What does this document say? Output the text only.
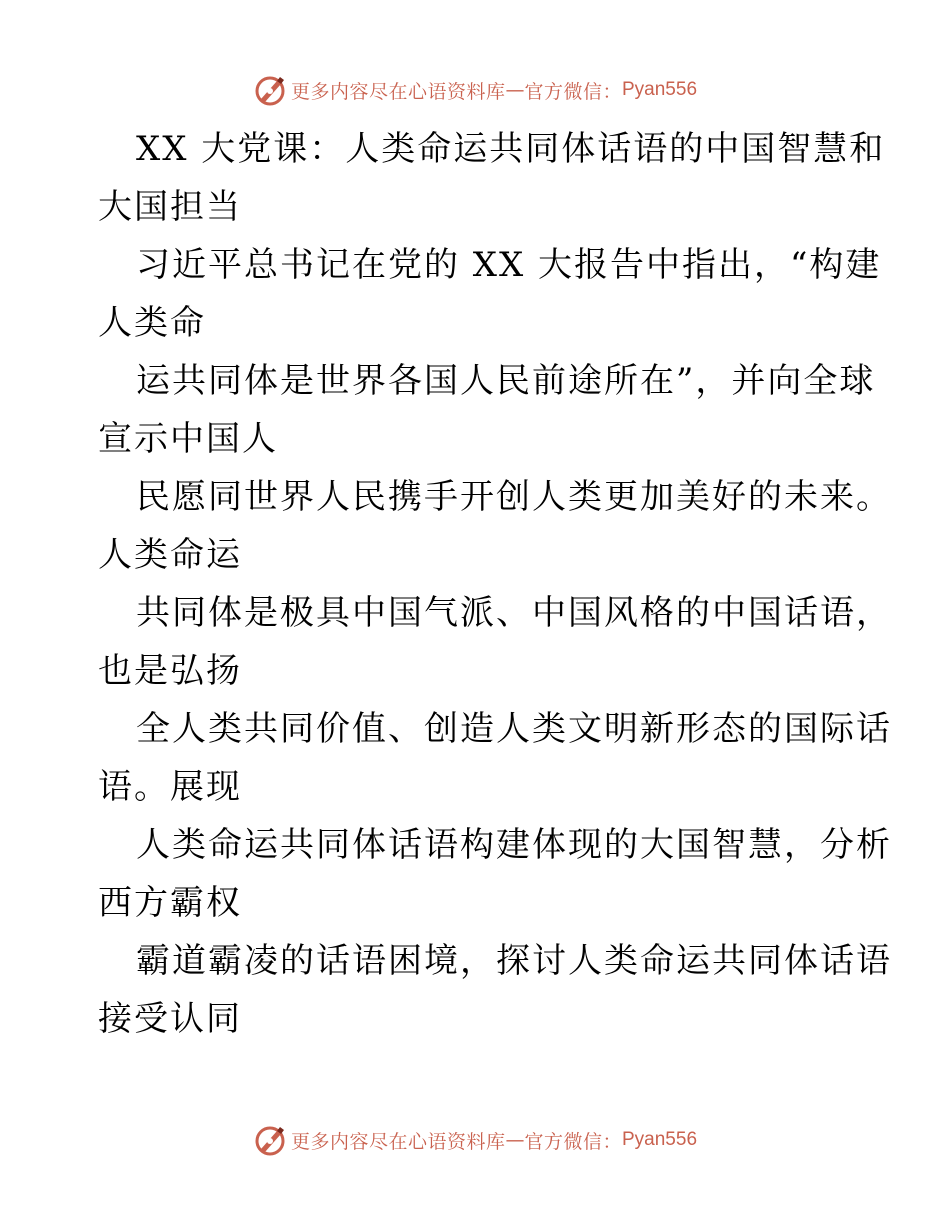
更多内容尽在心语资料库 — 官方微信： Pyan556
XX 大党课：人类命运共同体话语的中国智慧和
大国担当
习近平总书记在党的 XX 大报告中指出，“构建
人类命
运共同体是世界各国人民前途所在”，并向全球
宣示中国人
民愿同世界人民携手开创人类更加美好的未来。
人类命运
共同体是极具中国气派、中国风格的中国话语，
也是弘扬
全人类共同价值、创造人类文明新形态的国际话
语。展现
人类命运共同体话语构建体现的大国智慧，分析
西方霸权
霸道霸凌的话语困境，探讨人类命运共同体话语
接受认同
更多内容尽在心语资料库 — 官方微信： Pyan556
